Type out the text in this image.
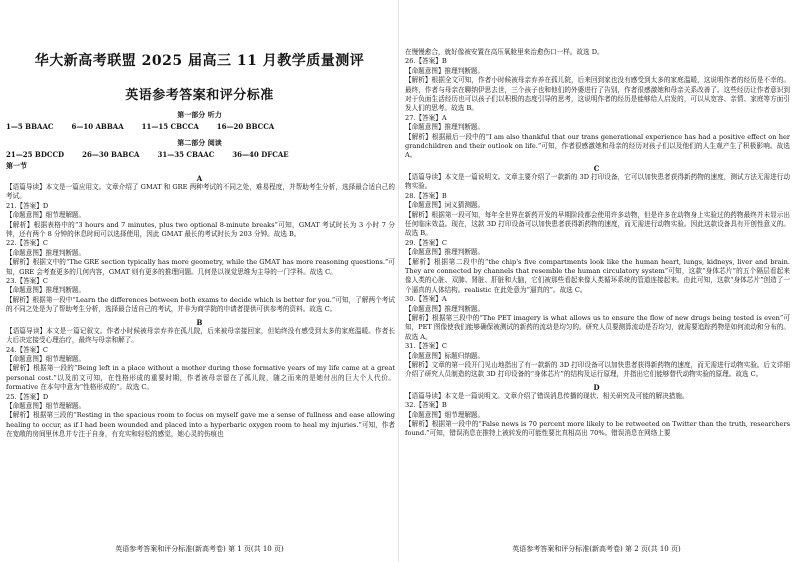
华大新高考联盟 2025 届高三 11 月教学质量测评
英语参考答案和评分标准
第一部分 听力
1—5 BBAAC	6—10 ABBAA	11—15 CBCCA	16—20 BBCCA
第二部分 阅读
21—25 BDCCD	26—30 BABCA	31—35 CBAAC	36—40 DFCAE
第一节
A

【语篇导读】本文是一篇应用文。文章介绍了 GMAT 和 GRE 两种考试的不同之处，难易程度，并帮助考生分析，选择最合适自己的考试。

21.【答案】D

【命题意图】细节理解题。

【解析】根据表格中的“3 hours and 7 minutes, plus two optional 8-minute breaks”可知，GMAT 考试时长为 3 小时 7 分钟，还有两个 8 分钟的休息时间可以选择使用，因此 GMAT 最长的考试时长为 203 分钟。故选 B。

22.【答案】C

【命题意图】推理判断题。

【解析】根据文中的“The GRE section typically has more geometry, while the GMAT has more reasoning questions.”可知，GRE 会考查更多的几何内容，GMAT 则有更多的推理问题。几何是以视觉思维为主导的一门学科。故选 C。

23.【答案】C

【命题意图】推理判断题。

【解析】根据第一段中“Learn the differences between both exams to decide which is better for you.”可知，了解两个考试的不同之处是为了帮助考生分析，选择最合适自己的考试，并非为商学院的申请者提供可供参考的资料。故选 C。

B

【语篇导读】本文是一篇记叙文。作者小时候被母亲弃养在孤儿院，后来被母亲接回家，但始终没有感受到太多的家庭温暖。作者长大后决定接受心理治疗，最终与母亲和解了。

24.【答案】C

【命题意图】细节理解题。

【解析】根据第一段的“Being left in a place without a mother during those formative years of my life came at a great personal cost.”以及前文可知，在性格形成的重要时期，作者被母亲留在了孤儿院，随之而来的是她付出的巨大个人代价。formative 在本句中意为“性格形成的”。故选 C。

25.【答案】D

【命题意图】细节理解题。

【解析】根据第三段的“Resting in the spacious room to focus on myself gave me a sense of fullness and ease allowing healing to occur, as if I had been wounded and placed into a hyperbaric oxygen room to heal my injuries.”可知，作者在宽敞的房间里休息并专注于自身，有充实和轻松的感觉，她心灵的伤痕也

英语参考答案和评分标准(新高考卷) 第 1 页(共 10 页)

在慢慢愈合，就好像被安置在高压氧舱里来治愈伤口一样。故选 D。

26.【答案】B

【命题意图】推理判断题。

【解析】根据全文可知，作者小时候被母亲弃养在孤儿院，后来回到家也没有感受到太多的家庭温暖，这说明作者的经历是不幸的。最终，作者与母亲在聊纳伊思去世，三个孩子也和他们的外婆进行了告别，作者很感激她和母亲关系改善了。这些经历让作者意识到对于负面生活经历也可以孩子们以积极的态度引导的思考，这说明作者的经历是能够给人启发的，可以从宽容、亲情、家庭等方面引发人们的思考。故选 B。

27.【答案】A

【命题意图】推理判断题。

【解析】根据最后一段中的“I am also thankful that our trans generational experience has had a positive effect on her grandchildren and their outlook on life.”可知，作者很感激她和母亲的经历对孩子们以及他们的人生观产生了积极影响。故选 A。

C

【语篇导读】本文是一篇说明文。文章主要介绍了一款新的 3D 打印设备，它可以加快患者获得新药物的速度，测试方法无需进行动物实验。

28.【答案】B

【命题意图】词义猜测题。

【解析】根据第一段可知，每年全世界在新药开发的早期阶段都会使用许多动物，但是许多在动物身上实验过的药物最终并未显示出任何临床效益。现在，这款 3D 打印设备可以加快患者获得新药物的速度，而无需进行动物实验。因此这款设备具有开创性意义的。故选 B。

29.【答案】C

【命题意图】推理判断题。

【解析】根据第二段中的“the chip's five compartments look like the human heart, lungs, kidneys, liver and brain. They are connected by channels that resemble the human circulatory system”可知，这款“身体芯片”的五个隔层看起来像人类的心脏、双肺、肾脏、肝脏和大脑，它们被那些看起来像人类循环系统的管道连接起来。由此可知，这款“身体芯片”创造了一个逼真的人体结构。realistic 在此处意为“逼真的”。故选 C。

30.【答案】A

【命题意图】推理判断题。

【解析】根据第三段中的“The PET imagery is what allows us to ensure the flow of new drugs being tested is even”可知，PET 图像使我们能够确保被测试的新药的流动是均匀的。研究人员要测算流动是否均匀，就需要追踪药物是如何流动和分布的。故选 A。

31.【答案】C

【命题意图】标题归纳题。

【解析】文章的第一段开门见山地指出了有一款新的 3D 打印设备可以加快患者获得新药物的速度，而无需进行动物实验。后文详细介绍了研究人员制造的这款 3D 打印设备的“身体芯片”的结构及运行原理，并指出它们能够替代动物实验的原理。故选 C。

D

【语篇导读】本文是一篇说明文。文章介绍了错误消息传播的现状、相关研究及可能的解决措施。

32.【答案】B

【命题意图】细节理解题。

【解析】根据第一段中的“False news is 70 percent more likely to be retweeted on Twitter than the truth, researchers found.”可知，错误消息在推特上被转发的可能性要比真相高出 70%。错误消息在网络上要

英语参考答案和评分标准(新高考卷) 第 2 页(共 10 页)
